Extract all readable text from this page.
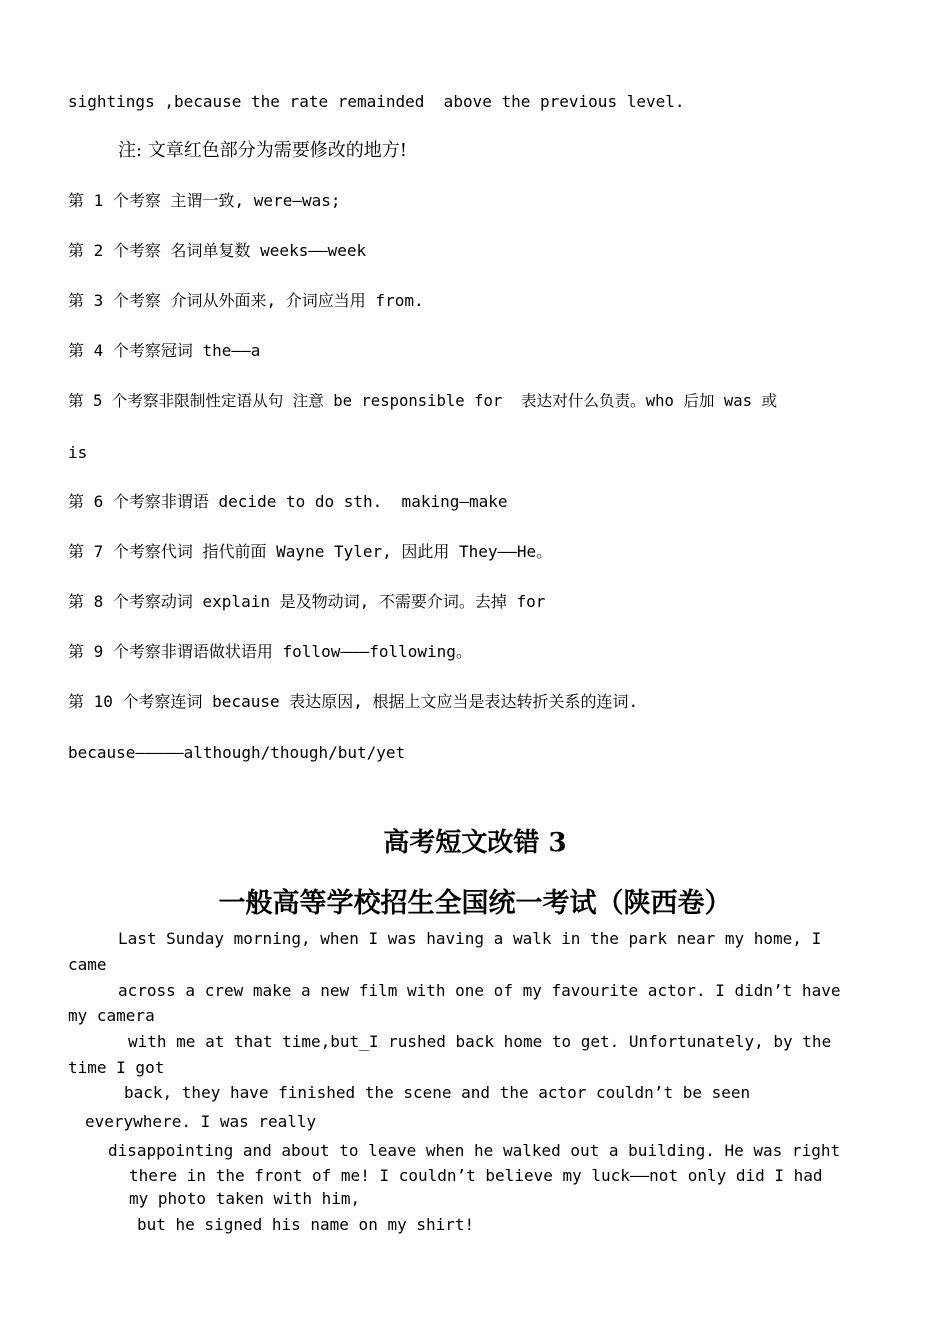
sightings ,because the rate remainded  above the previous level.
注: 文章红色部分为需要修改的地方!
第 1 个考察 主谓一致, were—was;
第 2 个考察 名词单复数 weeks——week
第 3 个考察 介词从外面来, 介词应当用 from.
第 4 个考察冠词 the——a
第 5 个考察非限制性定语从句 注意 be responsible for  表达对什么负责。who 后加 was 或
is
第 6 个考察非谓语 decide to do sth.  making—make
第 7 个考察代词 指代前面 Wayne Tyler, 因此用 They——He。
第 8 个考察动词 explain 是及物动词, 不需要介词。去掉 for
第 9 个考察非谓语做状语用 follow———following。
第 10 个考察连词 because 表达原因, 根据上文应当是表达转折关系的连词.
because—————although/though/but/yet
高考短文改错 3
一般高等学校招生全国统一考试（陕西卷）
Last Sunday morning, when I was having a walk in the park near my home, I
came
across a crew make a new film with one of my favourite actor. I didn’t have
my camera
with me at that time,but_I rushed back home to get. Unfortunately, by the
time I got
back, they have finished the scene and the actor couldn’t be seen
everywhere. I was really
disappointing and about to leave when he walked out a building. He was right
there in the front of me! I couldn’t believe my luck——not only did I had
my photo taken with him,
but he signed his name on my shirt!
